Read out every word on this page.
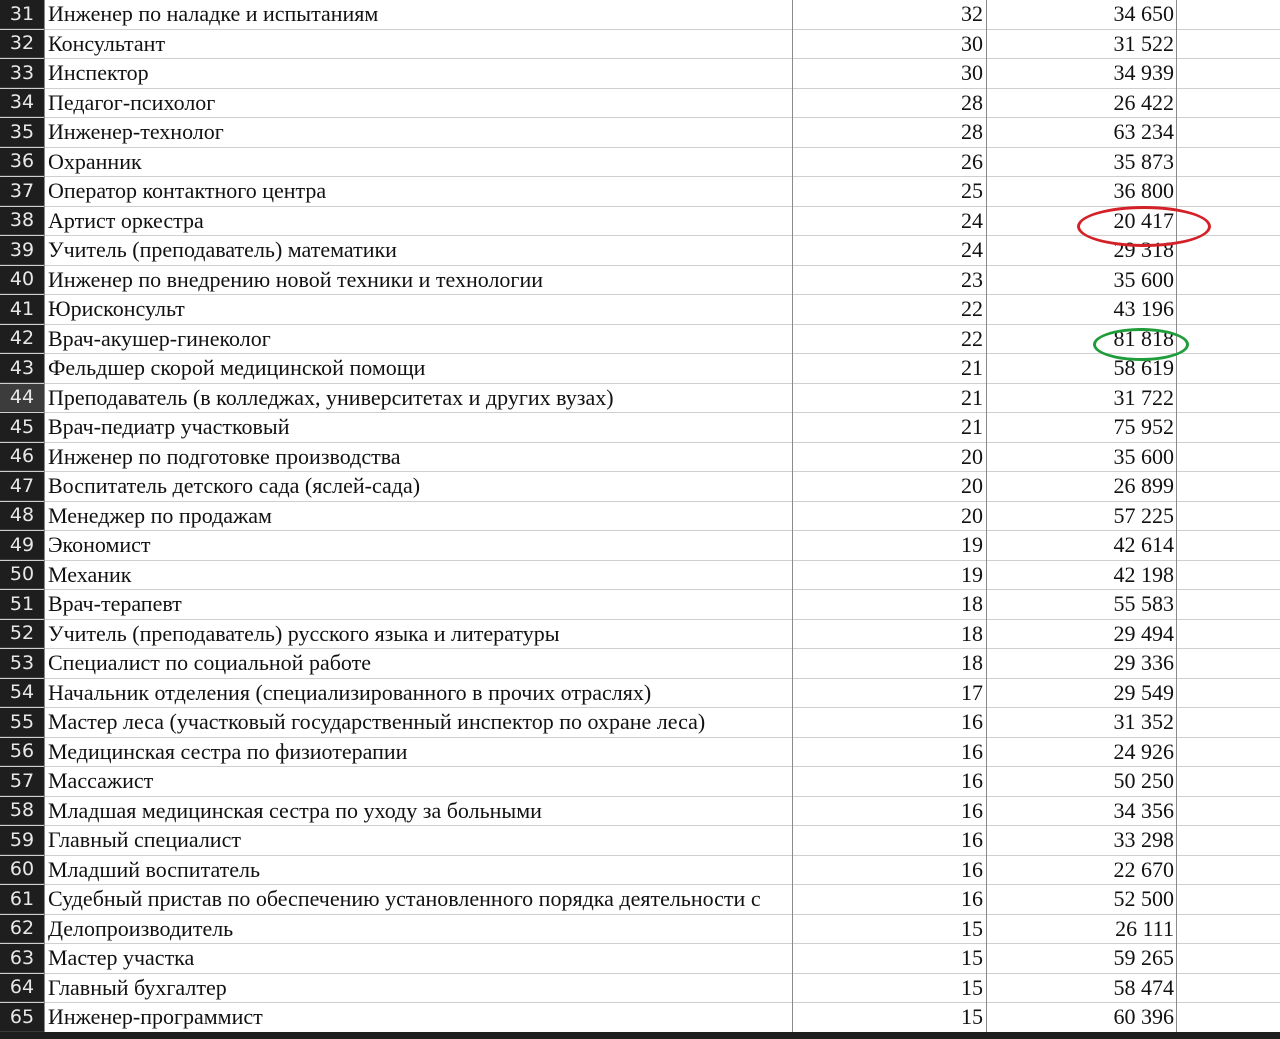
31 Инженер по наладке и испытаниям	32	34 650
32 Консультант	30	31 522
33 Инспектор	30	34 939
34 Педагог-психолог	28	26 422
35 Инженер-технолог	28	63 234
36 Охранник	26	35 873
37 Оператор контактного центра	25	36 800
38 Артист оркестра	24	20 417
39 Учитель (преподаватель) математики	24	29 318
40 Инженер по внедрению новой техники и технологии	23	35 600
41 Юрисконсульт	22	43 196
42 Врач-акушер-гинеколог	22	81 818
43 Фельдшер скорой медицинской помощи	21	58 619
44 Преподаватель (в колледжах, университетах и других вузах)	21	31 722
45 Врач-педиатр участковый	21	75 952
46 Инженер по подготовке производства	20	35 600
47 Воспитатель детского сада (яслей-сада)	20	26 899
48 Менеджер по продажам	20	57 225
49 Экономист	19	42 614
50 Механик	19	42 198
51 Врач-терапевт	18	55 583
52 Учитель (преподаватель) русского языка и литературы	18	29 494
53 Специалист по социальной работе	18	29 336
54 Начальник отделения (специализированного в прочих отраслях)	17	29 549
55 Мастер леса (участковый государственный инспектор по охране леса)	16	31 352
56 Медицинская сестра по физиотерапии	16	24 926
57 Массажист	16	50 250
58 Младшая медицинская сестра по уходу за больными	16	34 356
59 Главный специалист	16	33 298
60 Младший воспитатель	16	22 670
61 Судебный пристав по обеспечению установленного порядка деятельности с	16	52 500
62 Делопроизводитель	15	26 111
63 Мастер участка	15	59 265
64 Главный бухгалтер	15	58 474
65 Инженер-программист	15	60 396
